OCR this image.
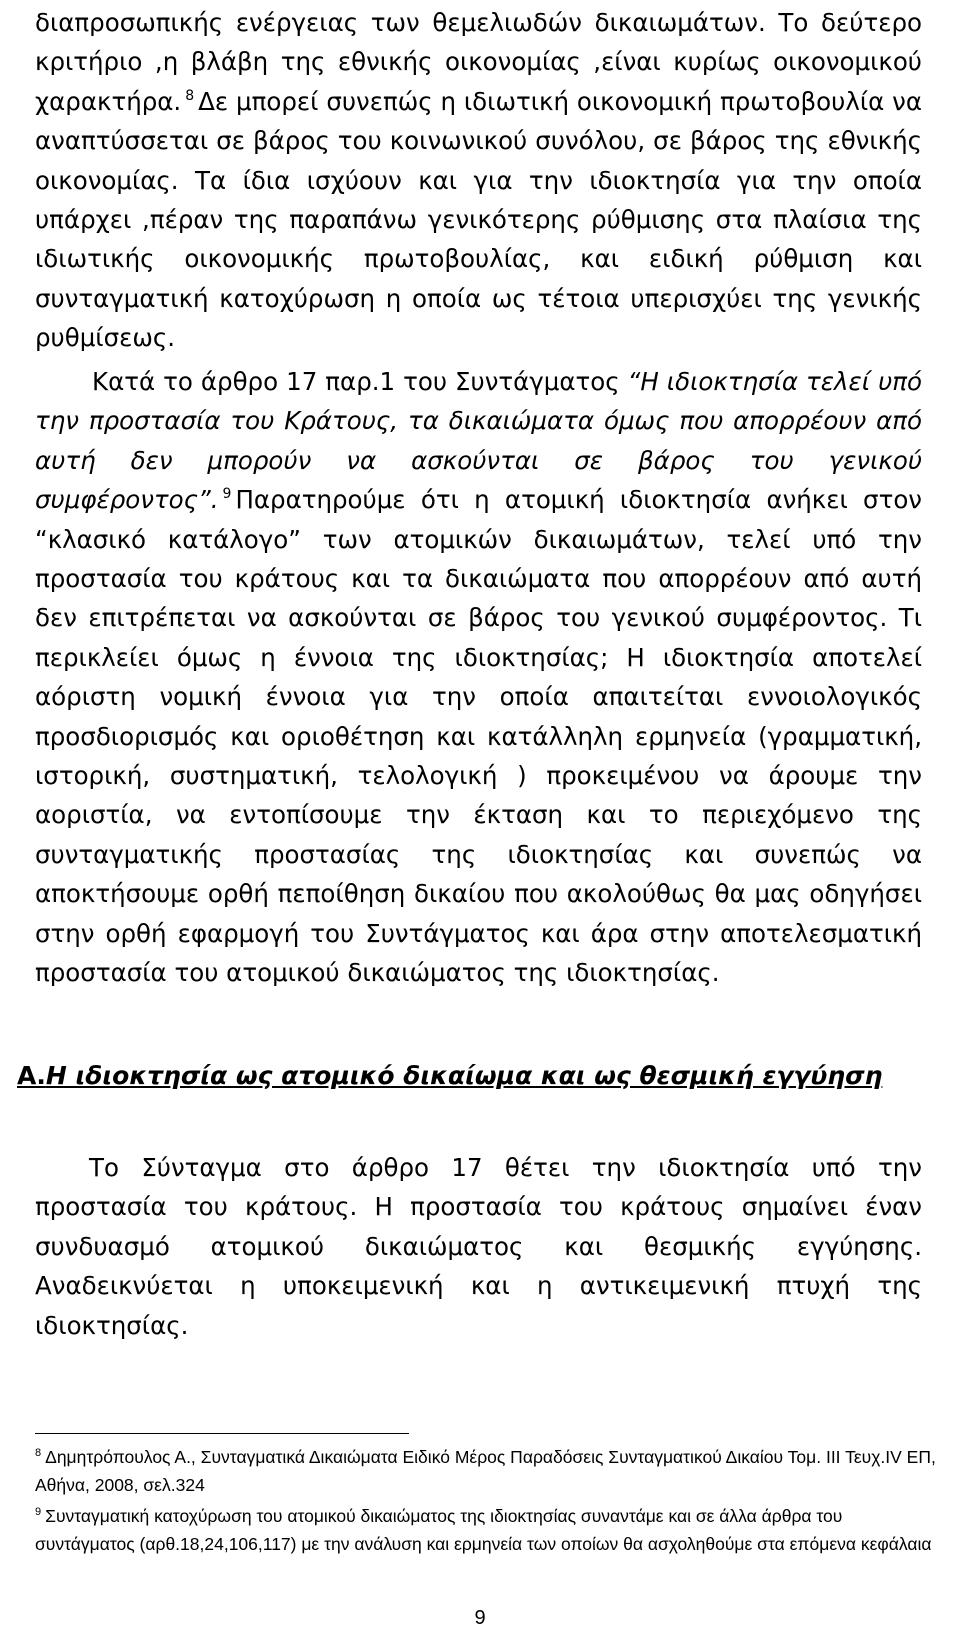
διαπροσωπικής ενέργειας των θεμελιωδών δικαιωμάτων. Το δεύτερο κριτήριο ,η βλάβη της εθνικής οικονομίας ,είναι κυρίως οικονομικού χαρακτήρα. $^8$ Δε μπορεί συνεπώς η ιδιωτική οικονομική πρωτοβουλία να αναπτύσσεται σε βάρος του κοινωνικού συνόλου, σε βάρος της εθνικής οικονομίας. Τα ίδια ισχύουν και για την ιδιοκτησία για την οποία υπάρχει ,πέραν της παραπάνω γενικότερης ρύθμισης στα πλαίσια της ιδιωτικής οικονομικής πρωτοβουλίας, και ειδική ρύθμιση και συνταγματική κατοχύρωση η οποία ως τέτοια υπερισχύει της γενικής ρυθμίσεως.

Κατά το άρθρο 17 παρ.1 του Συντάγματος “Η ιδιοκτησία τελεί υπό την προστασία του Κράτους, τα δικαιώματα όμως που απορρέουν από αυτή δεν μπορούν να ασκούνται σε βάρος του γενικού συμφέροντος”. $^9$ Παρατηρούμε ότι η ατομική ιδιοκτησία ανήκει στον “κλασικό κατάλογο” των ατομικών δικαιωμάτων, τελεί υπό την προστασία του κράτους και τα δικαιώματα που απορρέουν από αυτή δεν επιτρέπεται να ασκούνται σε βάρος του γενικού συμφέροντος. Τι περικλείει όμως η έννοια της ιδιοκτησίας; Η ιδιοκτησία αποτελεί αόριστη νομική έννοια για την οποία απαιτείται εννοιολογικός προσδιορισμός και οριοθέτηση και κατάλληλη ερμηνεία (γραμματική, ιστορική, συστηματική, τελολογική ) προκειμένου να άρουμε την αοριστία, να εντοπίσουμε την έκταση και το περιεχόμενο της συνταγματικής προστασίας της ιδιοκτησίας και συνεπώς να αποκτήσουμε ορθή πεποίθηση δικαίου που ακολούθως θα μας οδηγήσει στην ορθή εφαρμογή του Συντάγματος και άρα στην αποτελεσματική προστασία του ατομικού δικαιώματος της ιδιοκτησίας.

Α.Η ιδιοκτησία ως ατομικό δικαίωμα και ως θεσμική εγγύηση

Το Σύνταγμα στο άρθρο 17 θέτει την ιδιοκτησία υπό την προστασία του κράτους. Η προστασία του κράτους σημαίνει έναν συνδυασμό ατομικού δικαιώματος και θεσμικής εγγύησης. Αναδεικνύεται η υποκειμενική και η αντικειμενική πτυχή της ιδιοκτησίας.

$^8$ Δημητρόπουλος Α., Συνταγματικά Δικαιώματα Ειδικό Μέρος Παραδόσεις Συνταγματικού Δικαίου Τομ. ΙΙΙ Τευχ.IV ΕΠ, Αθήνα, 2008, σελ.324

$^9$ Συνταγματική κατοχύρωση του ατομικού δικαιώματος της ιδιοκτησίας συναντάμε και σε άλλα άρθρα του συντάγματος (αρθ.18,24,106,117) με την ανάλυση και ερμηνεία των οποίων θα ασχοληθούμε στα επόμενα κεφάλαια

9
